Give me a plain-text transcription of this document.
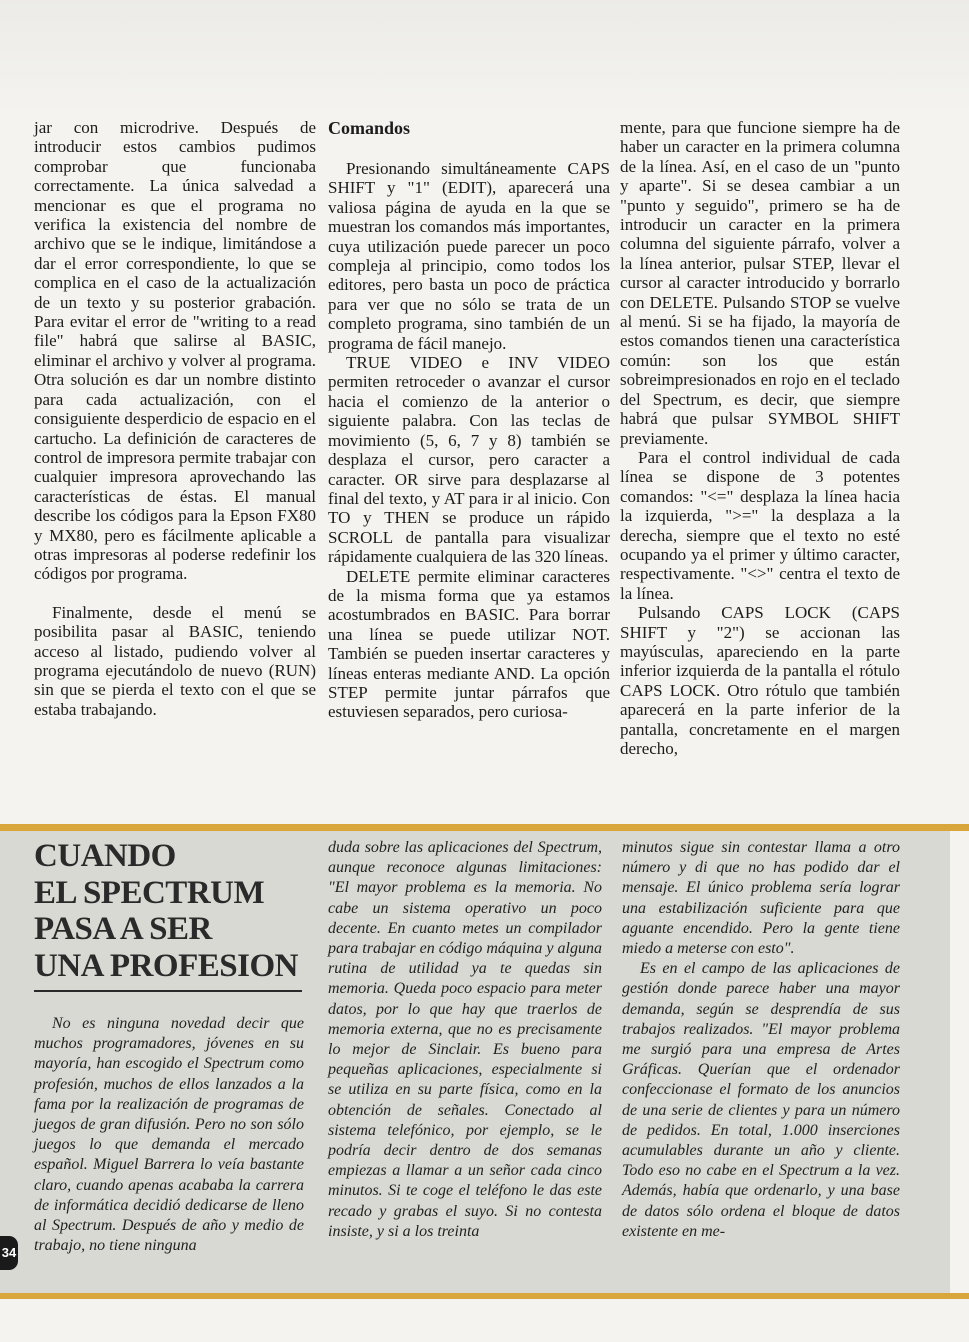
jar con microdrive. Después de introducir estos cambios pudimos comprobar que funcionaba correctamente. La única salvedad a mencionar es que el programa no verifica la existencia del nombre de archivo que se le indique, limitándose a dar el error correspondiente, lo que se complica en el caso de la actualización de un texto y su posterior grabación. Para evitar el error de "writing to a read file" habrá que salirse al BASIC, eliminar el archivo y volver al programa. Otra solución es dar un nombre distinto para cada actualización, con el consiguiente desperdicio de espacio en el cartucho. La definición de caracteres de control de impresora permite trabajar con cualquier impresora aprovechando las características de éstas. El manual describe los códigos para la Epson FX80 y MX80, pero es fácilmente aplicable a otras impresoras al poderse redefinir los códigos por programa.

Finalmente, desde el menú se posibilita pasar al BASIC, teniendo acceso al listado, pudiendo volver al programa ejecutándolo de nuevo (RUN) sin que se pierda el texto con el que se estaba trabajando.

Comandos

Presionando simultáneamente CAPS SHIFT y "1" (EDIT), aparecerá una valiosa página de ayuda en la que se muestran los comandos más importantes, cuya utilización puede parecer un poco compleja al principio, como todos los editores, pero basta un poco de práctica para ver que no sólo se trata de un completo programa, sino también de un programa de fácil manejo.

TRUE VIDEO e INV VIDEO permiten retroceder o avanzar el cursor hacia el comienzo de la anterior o siguiente palabra. Con las teclas de movimiento (5, 6, 7 y 8) también se desplaza el cursor, pero caracter a caracter. OR sirve para desplazarse al final del texto, y AT para ir al inicio. Con TO y THEN se produce un rápido SCROLL de pantalla para visualizar rápidamente cualquiera de las 320 líneas.

DELETE permite eliminar caracteres de la misma forma que ya estamos acostumbrados en BASIC. Para borrar una línea se puede utilizar NOT. También se pueden insertar caracteres y líneas enteras mediante AND. La opción STEP permite juntar párrafos que estuviesen separados, pero curiosa-

mente, para que funcione siempre ha de haber un caracter en la primera columna de la línea. Así, en el caso de un "punto y aparte". Si se desea cambiar a un "punto y seguido", primero se ha de introducir un caracter en la primera columna del siguiente párrafo, volver a la línea anterior, pulsar STEP, llevar el cursor al caracter introducido y borrarlo con DELETE. Pulsando STOP se vuelve al menú. Si se ha fijado, la mayoría de estos comandos tienen una característica común: son los que están sobreimpresionados en rojo en el teclado del Spectrum, es decir, que siempre habrá que pulsar SYMBOL SHIFT previamente.

Para el control individual de cada línea se dispone de 3 potentes comandos: "<=" desplaza la línea hacia la izquierda, ">=" la desplaza a la derecha, siempre que el texto no esté ocupando ya el primer y último caracter, respectivamente. "<>" centra el texto de la línea.

Pulsando CAPS LOCK (CAPS SHIFT y "2") se accionan las mayúsculas, apareciendo en la parte inferior izquierda de la pantalla el rótulo CAPS LOCK. Otro rótulo que también aparecerá en la parte inferior de la pantalla, concretamente en el margen derecho,

CUANDO
EL SPECTRUM
PASA A SER
UNA PROFESION

No es ninguna novedad decir que muchos programadores, jóvenes en su mayoría, han escogido el Spectrum como profesión, muchos de ellos lanzados a la fama por la realización de programas de juegos de gran difusión. Pero no son sólo juegos lo que demanda el mercado español. Miguel Barrera lo veía bastante claro, cuando apenas acababa la carrera de informática decidió dedicarse de lleno al Spectrum. Después de año y medio de trabajo, no tiene ninguna

duda sobre las aplicaciones del Spectrum, aunque reconoce algunas limitaciones: "El mayor problema es la memoria. No cabe un sistema operativo un poco decente. En cuanto metes un compilador para trabajar en código máquina y alguna rutina de utilidad ya te quedas sin memoria. Queda poco espacio para meter datos, por lo que hay que traerlos de memoria externa, que no es precisamente lo mejor de Sinclair. Es bueno para pequeñas aplicaciones, especialmente si se utiliza en su parte física, como en la obtención de señales. Conectado al sistema telefónico, por ejemplo, se le podría decir dentro de dos semanas empiezas a llamar a un señor cada cinco minutos. Si te coge el teléfono le das este recado y grabas el suyo. Si no contesta insiste, y si a los treinta

minutos sigue sin contestar llama a otro número y di que no has podido dar el mensaje. El único problema sería lograr una estabilización suficiente para que aguante encendido. Pero la gente tiene miedo a meterse con esto".

Es en el campo de las aplicaciones de gestión donde parece haber una mayor demanda, según se desprendía de sus trabajos realizados. "El mayor problema me surgió para una empresa de Artes Gráficas. Querían que el ordenador confeccionase el formato de los anuncios de una serie de clientes y para un número de pedidos. En total, 1.000 inserciones acumulables durante un año y cliente. Todo eso no cabe en el Spectrum a la vez. Además, había que ordenarlo, y una base de datos sólo ordena el bloque de datos existente en me-

34
